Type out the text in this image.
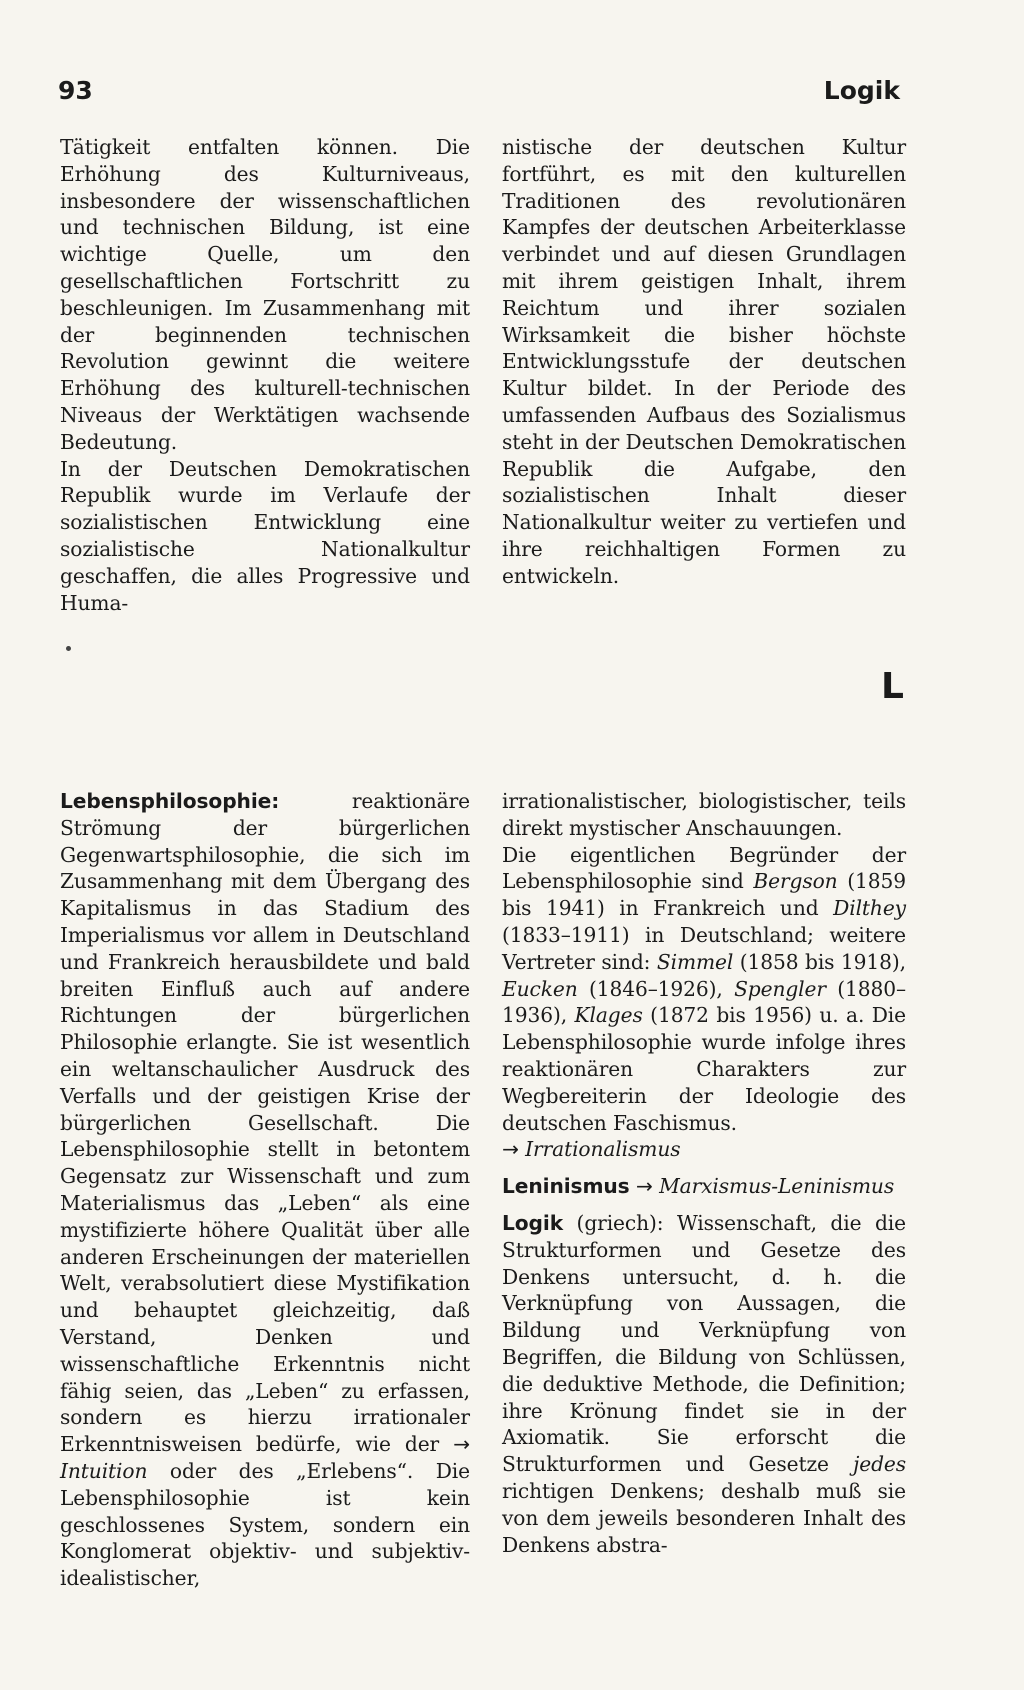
93	Logik

Tätigkeit entfalten können. Die Erhöhung des Kulturniveaus, insbesondere der wissenschaftlichen und technischen Bildung, ist eine wichtige Quelle, um den gesellschaftlichen Fortschritt zu beschleunigen. Im Zusammenhang mit der beginnenden technischen Revolution gewinnt die weitere Erhöhung des kulturell-technischen Niveaus der Werktätigen wachsende Bedeutung.

In der Deutschen Demokratischen Republik wurde im Verlaufe der sozialistischen Entwicklung eine sozialistische Nationalkultur geschaffen, die alles Progressive und Huma-

nistische der deutschen Kultur fortführt, es mit den kulturellen Traditionen des revolutionären Kampfes der deutschen Arbeiterklasse verbindet und auf diesen Grundlagen mit ihrem geistigen Inhalt, ihrem Reichtum und ihrer sozialen Wirksamkeit die bisher höchste Entwicklungsstufe der deutschen Kultur bildet. In der Periode des umfassenden Aufbaus des Sozialismus steht in der Deutschen Demokratischen Republik die Aufgabe, den sozialistischen Inhalt dieser Nationalkultur weiter zu vertiefen und ihre reichhaltigen Formen zu entwickeln.

L

Lebensphilosophie:	reaktionäre Strömung der bürgerlichen Gegenwartsphilosophie, die sich im Zusammenhang mit dem Übergang des Kapitalismus in das Stadium des Imperialismus vor allem in Deutschland und Frankreich herausbildete und bald breiten Einfluß auch auf andere Richtungen der bürgerlichen Philosophie erlangte. Sie ist wesentlich ein weltanschaulicher Ausdruck des Verfalls und der geistigen Krise der bürgerlichen Gesellschaft. Die Lebensphilosophie stellt in betontem Gegensatz zur Wissenschaft und zum Materialismus das „Leben“ als eine mystifizierte höhere Qualität über alle anderen Erscheinungen der materiellen Welt, verabsolutiert diese Mystifikation und behauptet gleichzeitig, daß Verstand, Denken und wissenschaftliche Erkenntnis nicht fähig seien, das „Leben“ zu erfassen, sondern es hierzu irrationaler Erkenntnisweisen bedürfe, wie der → Intuition oder des „Erlebens“. Die Lebensphilosophie ist kein geschlossenes System, sondern ein Konglomerat objektiv- und subjektiv-idealistischer,

irrationalistischer, biologistischer, teils direkt mystischer Anschauungen.

Die eigentlichen Begründer der Lebensphilosophie sind Bergson (1859 bis 1941) in Frankreich und Dilthey (1833–1911) in Deutschland; weitere Vertreter sind: Simmel (1858 bis 1918), Eucken (1846–1926), Spengler (1880–1936), Klages (1872 bis 1956) u. a. Die Lebensphilosophie wurde infolge ihres reaktionären Charakters zur Wegbereiterin der Ideologie des deutschen Faschismus.

→ Irrationalismus

Leninismus → Marxismus-Leninismus

Logik (griech): Wissenschaft, die die Strukturformen und Gesetze des Denkens untersucht, d. h. die Verknüpfung von Aussagen, die Bildung und Verknüpfung von Begriffen, die Bildung von Schlüssen, die deduktive Methode, die Definition; ihre Krönung findet sie in der Axiomatik. Sie erforscht die Strukturformen und Gesetze jedes richtigen Denkens; deshalb muß sie von dem jeweils besonderen Inhalt des Denkens abstra-
